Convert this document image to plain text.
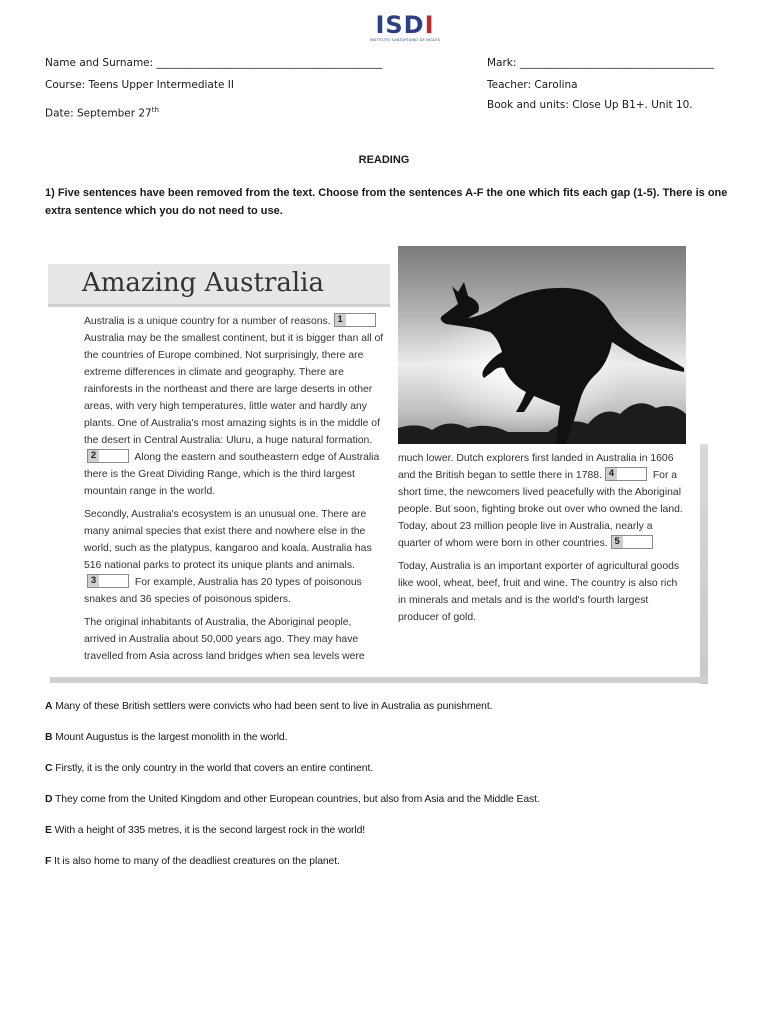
ISDI
INSTITUTO SANTAFESINO DE INGLÉS
Name and Surname: ___________________________________________
Course: Teens Upper Intermediate II
Date: September 27th
Mark: _____________________________________
Teacher: Carolina
Book and units: Close Up B1+. Unit 10.
READING
1) Five sentences have been removed from the text. Choose from the sentences A-F the one which fits each gap (1-5). There is one extra sentence which you do not need to use.
Amazing Australia

Australia is a unique country for a number of reasons. 1
Australia may be the smallest continent, but it is bigger than all of the countries of Europe combined. Not surprisingly, there are extreme differences in climate and geography. There are rainforests in the northeast and there are large deserts in other areas, with very high temperatures, little water and hardly any plants. One of Australia's most amazing sights is in the middle of the desert in Central Australia: Uluru, a huge natural formation.
2	Along the eastern and southeastern edge of Australia there is the Great Dividing Range, which is the third largest mountain range in the world.

Secondly, Australia's ecosystem is an unusual one. There are many animal species that exist there and nowhere else in the world, such as the platypus, kangaroo and koala. Australia has 516 national parks to protect its unique plants and animals.
3	For example, Australia has 20 types of poisonous snakes and 36 species of poisonous spiders.

The original inhabitants of Australia, the Aboriginal people, arrived in Australia about 50,000 years ago. They may have travelled from Asia across land bridges when sea levels were

much lower. Dutch explorers first landed in Australia in 1606 and the British began to settle there in 1788. 4	For a short time, the newcomers lived peacefully with the Aboriginal people. But soon, fighting broke out over who owned the land. Today, about 23 million people live in Australia, nearly a quarter of whom were born in other countries. 5

Today, Australia is an important exporter of agricultural goods like wool, wheat, beef, fruit and wine. The country is also rich in minerals and metals and is the world's fourth largest producer of gold.

A Many of these British settlers were convicts who had been sent to live in Australia as punishment.
B Mount Augustus is the largest monolith in the world.
C Firstly, it is the only country in the world that covers an entire continent.
D They come from the United Kingdom and other European countries, but also from Asia and the Middle East.
E With a height of 335 metres, it is the second largest rock in the world!
F It is also home to many of the deadliest creatures on the planet.
